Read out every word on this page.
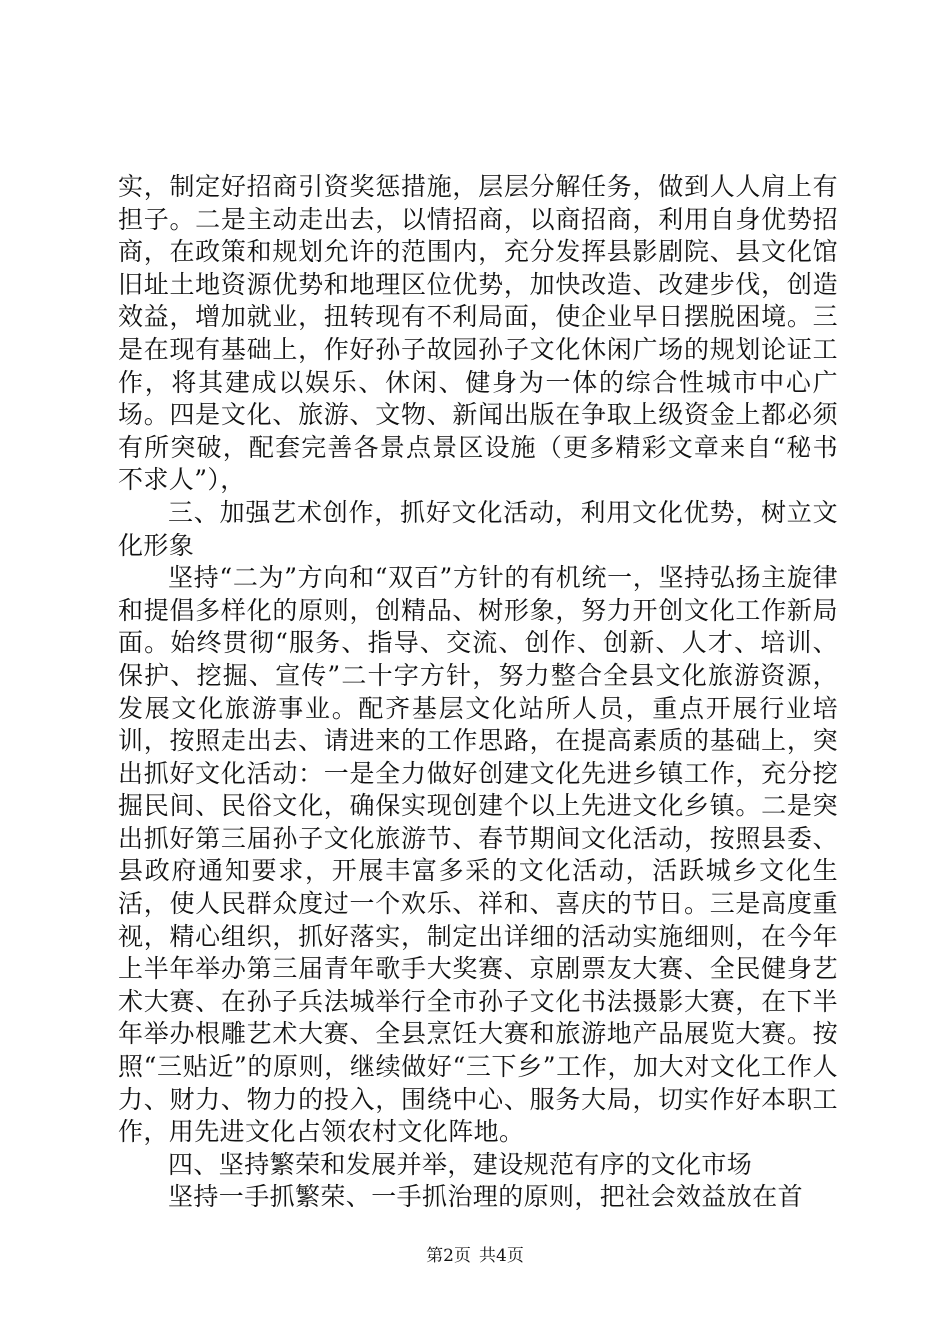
实，制定好招商引资奖惩措施，层层分解任务，做到人人肩上有担子。二是主动走出去，以情招商，以商招商，利用自身优势招商，在政策和规划允许的范围内，充分发挥县影剧院、县文化馆旧址土地资源优势和地理区位优势，加快改造、改建步伐，创造效益，增加就业，扭转现有不利局面，使企业早日摆脱困境。三是在现有基础上，作好孙子故园孙子文化休闲广场的规划论证工作，将其建成以娱乐、休闲、健身为一体的综合性城市中心广场。四是文化、旅游、文物、新闻出版在争取上级资金上都必须有所突破，配套完善各景点景区设施（更多精彩文章来自“秘书不求人”），

三、加强艺术创作，抓好文化活动，利用文化优势，树立文化形象

坚持“二为”方向和“双百”方针的有机统一，坚持弘扬主旋律和提倡多样化的原则，创精品、树形象，努力开创文化工作新局面。始终贯彻“服务、指导、交流、创作、创新、人才、培训、保护、挖掘、宣传”二十字方针，努力整合全县文化旅游资源，发展文化旅游事业。配齐基层文化站所人员，重点开展行业培训，按照走出去、请进来的工作思路，在提高素质的基础上，突出抓好文化活动：一是全力做好创建文化先进乡镇工作，充分挖掘民间、民俗文化，确保实现创建个以上先进文化乡镇。二是突出抓好第三届孙子文化旅游节、春节期间文化活动，按照县委、县政府通知要求，开展丰富多采的文化活动，活跃城乡文化生活，使人民群众度过一个欢乐、祥和、喜庆的节日。三是高度重视，精心组织，抓好落实，制定出详细的活动实施细则，在今年上半年举办第三届青年歌手大奖赛、京剧票友大赛、全民健身艺术大赛、在孙子兵法城举行全市孙子文化书法摄影大赛，在下半年举办根雕艺术大赛、全县烹饪大赛和旅游地产品展览大赛。按照“三贴近”的原则，继续做好“三下乡”工作，加大对文化工作人力、财力、物力的投入，围绕中心、服务大局，切实作好本职工作，用先进文化占领农村文化阵地。

四、坚持繁荣和发展并举，建设规范有序的文化市场

坚持一手抓繁荣、一手抓治理的原则，把社会效益放在首

第2页 共4页
